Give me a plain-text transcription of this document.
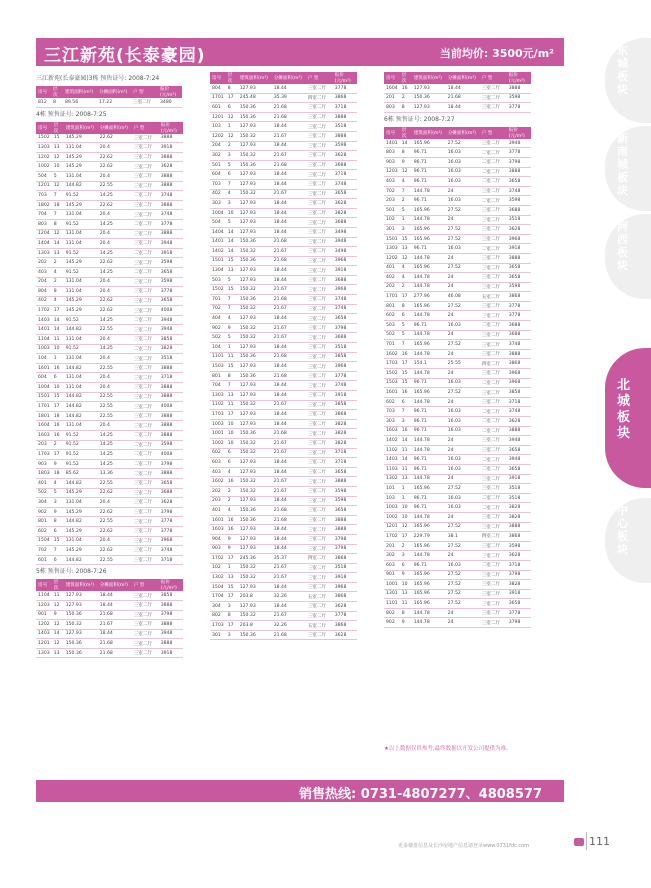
三江新苑(长泰豪园)	当前均价: 3500元/m²	东城板块
新南城板块
河西板块
北城板块
中心板块
三江新苑(长泰豪园)3栋 预售证号: 2008-7:24
房号	层次	建筑面积(m²)	分摊面积(m²)	户 型	报价(元/m²)
812	8	89.56	17.22	三室二厅	3480
4栋 预售证号: 2008-7:25
房号	层次	建筑面积(m²)	分摊面积(m²)	户 型	报价(元/m²)
1502	15	145.29	22.62	三室二厅	3888
1303	13	131.04	20.4	三室二厅	3918
1202	12	145.29	22.62	三室二厅	3888
1002	10	145.29	22.62	三室二厅	3628
504	5	131.04	20.4	三室二厅	3888
1201	12	144.82	22.55	三室二厅	3888
703	7	91.52	14.25	二室二厅	3748
1802	18	145.29	22.62	三室二厅	3888
704	7	131.04	20.4	三室二厅	3748
803	8	91.52	14.25	二室二厅	3778
1204	12	131.04	20.4	三室二厅	3888
1404	14	131.04	20.4	三室二厅	3948
1303	13	91.52	14.25	二室二厅	3918
202	2	145.29	22.62	三室二厅	3598
403	4	91.52	14.25	二室二厅	3658
204	2	131.04	20.4	三室二厅	3598
804	8	131.04	20.4	三室二厅	3778
402	4	145.29	22.62	三室二厅	3658
1702	17	145.29	22.62	三室二厅	4008
1403	14	91.52	14.25	二室二厅	3948
1401	14	144.82	22.55	三室二厅	3948
1104	11	131.04	20.4	三室二厅	3858
1003	10	91.52	14.25	二室二厅	3828
104	1	131.04	20.4	三室二厅	3518
1601	16	144.82	22.55	三室二厅	3888
604	6	131.04	20.4	三室二厅	3718
1004	10	131.04	20.4	三室二厅	3888
1501	15	144.82	22.55	三室二厅	3888
1701	17	144.82	22.55	三室二厅	4008
1801	18	144.82	22.55	三室二厅	3888
1604	16	131.04	20.4	三室二厅	3888
1603	16	91.52	14.25	二室二厅	3888
203	2	91.52	14.25	二室二厅	3598
1703	17	91.52	14.25	二室二厅	4008
903	9	91.52	14.25	二室二厅	3798
1803	18	85.62	13.36	二室二厅	3888
401	4	144.82	22.55	三室二厅	3658
502	5	145.29	22.62	三室二厅	3688
304	3	131.04	20.4	三室二厅	3628
902	9	145.29	22.62	三室二厅	3798
801	8	144.82	22.55	三室二厅	3778
602	6	145.29	22.62	三室二厅	3778
1504	15	131.04	20.4	三室二厅	3968
702	7	145.29	22.62	三室二厅	3748
601	6	144.82	22.55	三室二厅	3718
5栋 预售证号: 2008-7:26
房号	层次	建筑面积(m²)	分摊面积(m²)	户 型	报价(元/m²)
1104	11	127.93	18.44	三室二厅	3858
1203	12	127.93	18.44	三室二厅	3888
901	9	150.36	21.68	三室二厅	3798
1202	12	150.32	21.67	三室二厅	3888
1403	14	127.93	18.44	三室二厅	3948
1201	12	150.36	21.68	三室二厅	3888
1303	13	150.36	21.68	三室二厅	3918
房号	层次	建筑面积(m²)	分摊面积(m²)	户 型	报价(元/m²)
804	8	127.93	18.44	三室二厅	3778
1701	17	245.48	35.39	四室二厅	3868
601	6	150.36	21.68	三室二厅	3718
1201	12	150.36	21.68	三室二厅	3888
103	1	127.93	18.44	三室二厅	3518
1202	12	150.32	21.67	三室二厅	3888
204	2	127.93	18.44	三室二厅	3598
302	3	150.32	21.67	三室二厅	3628
501	5	150.36	21.68	三室二厅	3688
604	6	127.93	18.44	三室二厅	3718
703	7	127.93	18.44	三室二厅	3748
402	4	150.32	21.67	三室二厅	3658
303	3	127.93	18.44	三室二厅	3628
1004	10	127.93	18.44	三室二厅	3828
504	5	127.93	18.44	三室二厅	3688
1404	14	127.93	18.44	三室二厅	3498
1401	14	150.36	21.68	三室二厅	3948
1402	14	150.32	21.67	三室二厅	3498
1501	15	150.36	21.68	三室二厅	3968
1304	13	127.93	18.44	三室二厅	3918
503	5	127.93	18.44	三室二厅	3688
1502	15	150.32	21.67	三室二厅	3968
701	7	150.36	21.68	三室二厅	3748
702	7	150.32	21.67	三室二厅	3748
404	4	127.93	18.44	三室二厅	3658
902	9	150.32	21.67	三室二厅	3798
502	5	150.32	21.67	三室二厅	3688
104	1	127.93	18.44	三室二厅	3518
1101	11	150.36	21.68	三室二厅	3858
1503	15	127.93	18.44	三室二厅	3968
801	8	150.36	21.68	三室二厅	3778
704	7	127.93	18.44	三室二厅	3748
1303	13	127.93	18.44	三室二厅	3918
1102	11	150.32	21.67	三室二厅	3858
1703	17	127.93	18.44	三室二厅	3868
1003	10	127.93	18.44	三室二厅	3828
1001	10	150.36	21.68	三室二厅	3828
1002	10	150.32	21.67	三室二厅	3828
602	6	150.32	21.67	三室二厅	3718
603	6	127.93	18.44	三室二厅	3718
403	4	127.93	18.44	三室二厅	3658
1602	16	150.32	21.67	三室二厅	3888
202	2	150.32	21.67	三室二厅	3598
203	2	127.93	18.44	三室二厅	3598
401	4	150.36	21.68	三室二厅	3658
1601	16	150.36	21.68	三室二厅	3888
1603	16	127.93	18.44	三室二厅	3888
904	9	127.93	18.44	三室二厅	3798
903	9	127.93	18.44	三室二厅	3798
1702	17	245.36	35.37	四室二厅	3868
102	1	150.32	21.67	三室二厅	3518
1302	13	150.32	21.67	三室二厅	3918
1504	15	127.93	18.44	三室二厅	3968
1704	17	203.8	32.26	五室二厅	3868
304	3	127.93	18.44	三室二厅	3628
802	8	150.32	21.67	三室二厅	3778
1703	17	203.8	32.26	五室二厅	3868
301	3	150.36	21.68	三室二厅	3628
房号	层次	建筑面积(m²)	分摊面积(m²)	户 型	报价(元/m²)
1604	16	127.93	18.44	三室二厅	3888
201	2	150.36	21.68	三室二厅	3598
803	8	127.93	18.44	三室二厅	3778
6栋 预售证号: 2008-7:27
房号	层次	建筑面积(m²)	分摊面积(m²)	户 型	报价(元/m²)
1401	14	165.96	27.52	三室二厅	3948
803	8	96.71	16.03	二室二厅	3778
903	9	96.71	16.03	二室二厅	3798
1203	12	96.71	16.03	二室二厅	3888
403	4	96.71	16.03	二室二厅	3658
702	7	144.78	24	三室二厅	3748
203	2	96.71	16.03	二室二厅	3598
501	5	165.96	27.52	三室二厅	3688
102	1	144.78	24	三室二厅	3518
301	3	165.96	27.52	三室二厅	3628
1501	15	165.96	27.52	三室二厅	3968
1303	13	96.71	16.03	二室二厅	3918
1202	12	144.78	24	三室二厅	3888
401	4	165.96	27.52	三室二厅	3658
402	4	144.78	24	三室二厅	3658
202	2	144.78	24	三室二厅	3598
1701	17	277.96	46.08	五室二厅	3868
801	8	165.96	27.52	三室二厅	3778
602	6	144.78	24	三室二厅	3778
503	5	96.71	16.03	二室二厅	3688
502	5	144.78	24	三室二厅	3688
701	7	165.96	27.52	三室二厅	3748
1602	16	144.78	24	三室二厅	3888
1703	17	154.1	25.55	四室二厅	3868
1502	15	144.78	24	三室二厅	3968
1503	15	96.71	16.03	二室二厅	3968
1601	16	165.96	27.52	三室二厅	3858
602	6	144.78	24	三室二厅	3718
703	7	96.71	16.03	二室二厅	3748
303	3	96.71	16.03	二室二厅	3628
1603	16	96.71	16.03	二室二厅	3888
1402	14	144.78	24	三室二厅	3948
1102	11	144.78	24	三室二厅	3658
1403	14	96.71	16.03	二室二厅	3948
1103	11	96.71	16.03	二室二厅	3658
1302	13	144.78	24	三室二厅	3918
101	1	165.96	27.52	三室二厅	3518
103	1	96.71	16.03	二室二厅	3518
1003	10	96.71	16.03	二室二厅	3828
1002	10	144.78	24	三室二厅	3828
1201	12	165.96	27.52	三室二厅	3888
1702	17	229.79	38.1	四室二厅	3868
201	2	165.96	27.52	三室二厅	3598
302	3	144.78	24	三室二厅	3628
603	6	96.71	16.03	二室二厅	3718
901	9	165.96	27.52	三室二厅	3798
1001	10	165.96	27.52	三室二厅	3828
1301	13	165.96	27.52	三室二厅	3918
1101	11	165.96	27.52	三室二厅	3658
802	8	144.78	24	三室二厅	3778
902	9	144.78	24	三室二厅	3798
★以上数据仅供参考,最终数据以开发公司提供为准。
销售热线: 0731-4807277、4808577
更多楼盘信息及长沙房地产信息请登录www.0731fdc.com	111
